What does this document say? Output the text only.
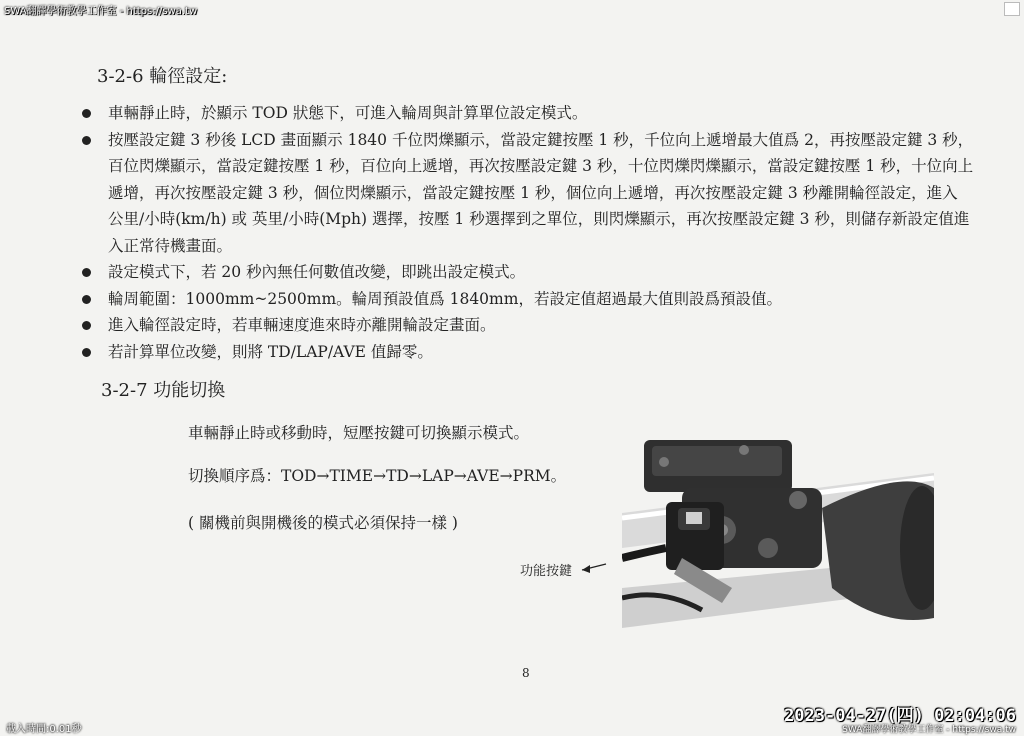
SWA翻譯學術教學工作室 - https://swa.tw
3-2-6 輪徑設定:
車輛靜止時，於顯示 TOD 狀態下，可進入輪周與計算單位設定模式。
按壓設定鍵 3 秒後 LCD 畫面顯示 1840 千位閃爍顯示，當設定鍵按壓 1 秒，千位向上遞增最大值爲 2，再按壓設定鍵 3 秒，百位閃爍顯示，當設定鍵按壓 1 秒，百位向上遞增，再次按壓設定鍵 3 秒，十位閃爍閃爍顯示，當設定鍵按壓 1 秒，十位向上遞增，再次按壓設定鍵 3 秒，個位閃爍顯示，當設定鍵按壓 1 秒，個位向上遞增，再次按壓設定鍵 3 秒離開輪徑設定，進入 公里/小時(km/h) 或 英里/小時(Mph) 選擇，按壓 1 秒選擇到之單位，則閃爍顯示，再次按壓設定鍵 3 秒，則儲存新設定值進入正常待機畫面。
設定模式下，若 20 秒內無任何數值改變，即跳出設定模式。
輪周範圍：1000mm~2500mm。輪周預設值爲 1840mm，若設定值超過最大值則設爲預設值。
進入輪徑設定時，若車輛速度進來時亦離開輪設定畫面。
若計算單位改變，則將 TD/LAP/AVE 值歸零。
3-2-7 功能切換
車輛靜止時或移動時，短壓按鍵可切換顯示模式。
切換順序爲：TOD→TIME→TD→LAP→AVE→PRM。
( 關機前與開機後的模式必須保持一樣 )
功能按鍵
8
載入時間:0.01秒
2023-04-27(四) 02:04:06
SWA翻譯學術教學工作室 - https://swa.tw
